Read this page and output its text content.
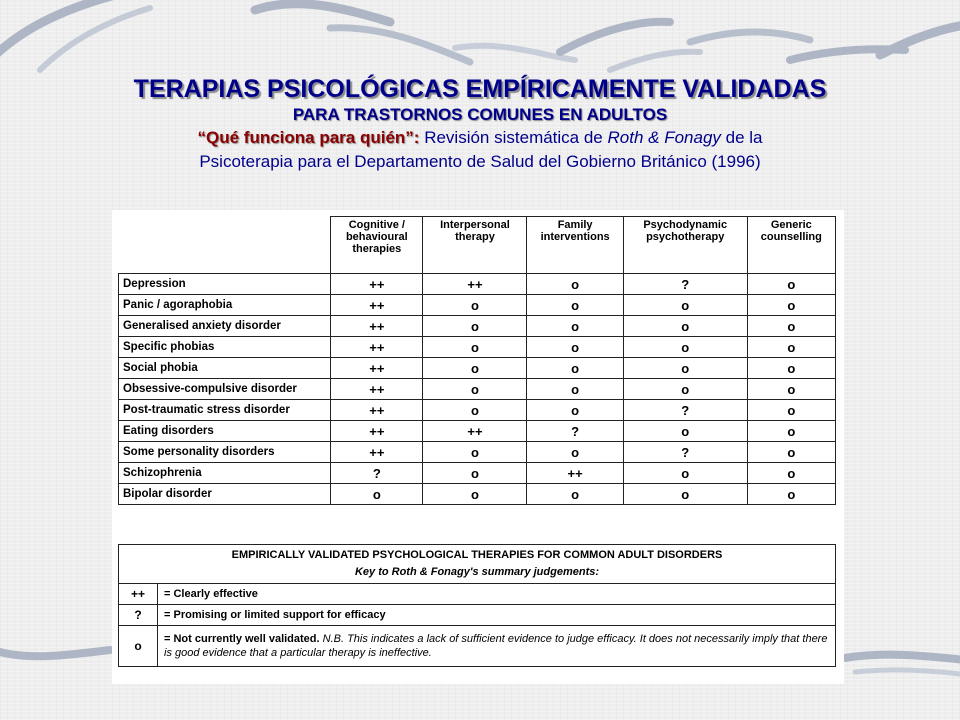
TERAPIAS PSICOLÓGICAS EMPÍRICAMENTE VALIDADAS
PARA TRASTORNOS COMUNES EN ADULTOS
“Qué funciona para quién”: Revisión sistemática de Roth & Fonagy de la
Psicoterapia para el Departamento de Salud del Gobierno Británico (1996)
	Cognitive / behavioural therapies	Interpersonal therapy	Family interventions	Psychodynamic psychotherapy	Generic counselling
Depression	++	++	o	?	o
Panic / agoraphobia	++	o	o	o	o
Generalised anxiety disorder	++	o	o	o	o
Specific phobias	++	o	o	o	o
Social phobia	++	o	o	o	o
Obsessive-compulsive disorder	++	o	o	o	o
Post-traumatic stress disorder	++	o	o	?	o
Eating disorders	++	++	?	o	o
Some personality disorders	++	o	o	?	o
Schizophrenia	?	o	++	o	o
Bipolar disorder	o	o	o	o	o
EMPIRICALLY VALIDATED PSYCHOLOGICAL THERAPIES FOR COMMON ADULT DISORDERS
Key to Roth & Fonagy's summary judgements:	

++	= Clearly effective
?	= Promising or limited support for efficacy
o	= Not currently well validated. N.B. This indicates a lack of sufficient evidence to judge efficacy. It does not necessarily imply that there is good evidence that a particular therapy is ineffective.
